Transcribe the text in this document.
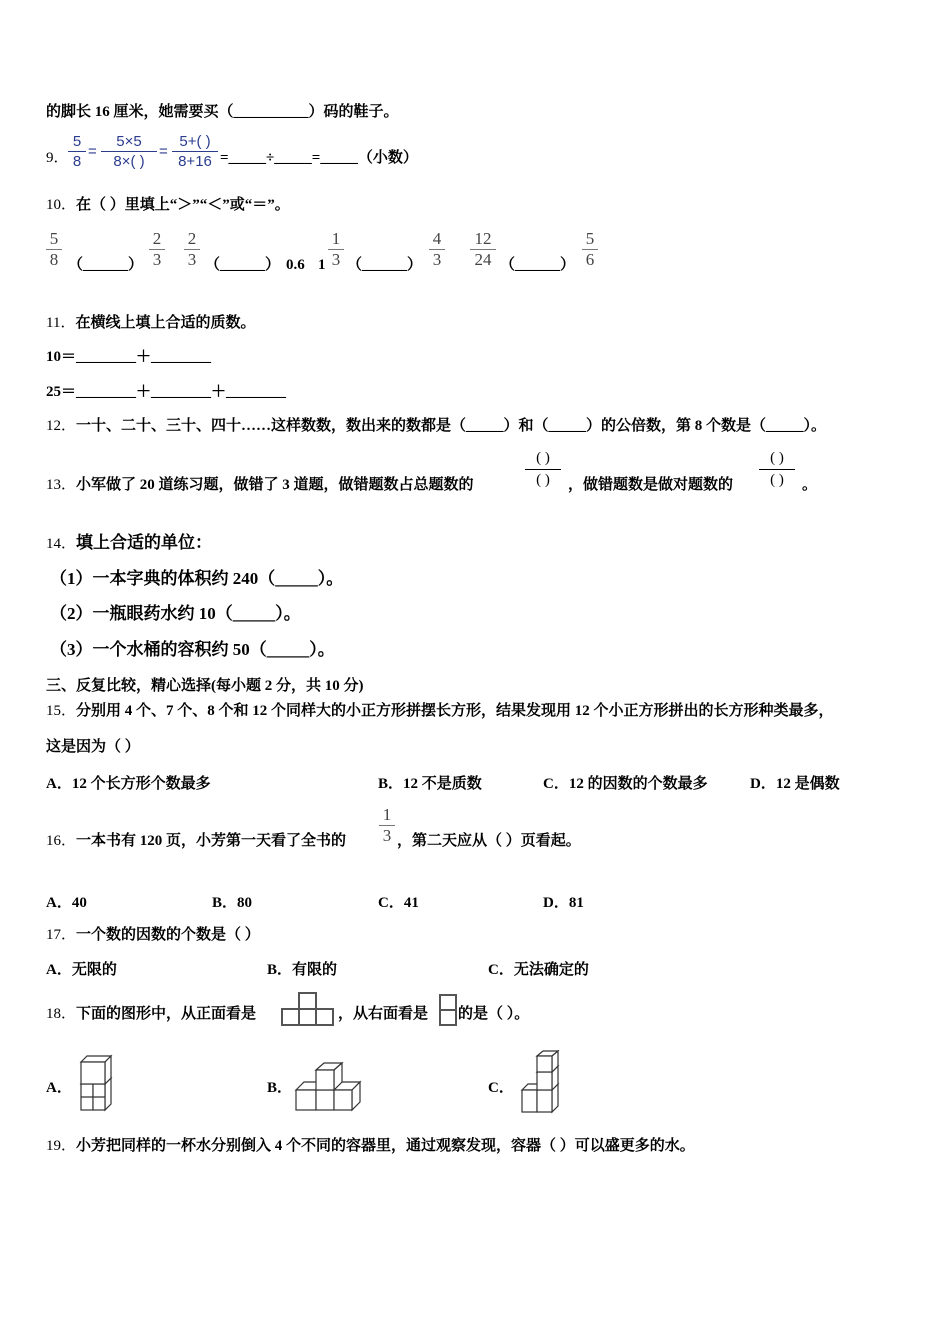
的脚长 16 厘米，她需要买（__________）码的鞋子。
9．
5
8
=
5×5
8×( )
=
5+( )
8+16 =_____÷_____=_____（小数）
10．在（ ）里填上“＞”“＜”或“＝”。
5
8 （______）
2
3
2
3 （______） 0.6 1
1
3 （______）
4
3
12
24 （______）
5
6
11．在横线上填上合适的质数。
10＝________＋________
25＝________＋________＋________
12．一十、二十、三十、四十……这样数数，数出来的数都是（_____）和（_____）的公倍数，第 8 个数是（_____）。
13．小军做了 20 道练习题，做错了 3 道题，做错题数占总题数的
( )
( )	，做错题数是做对题数的
( )
( )	。
14．填上合适的单位：
（1）一本字典的体积约 240（_____）。
（2）一瓶眼药水约 10（_____）。
（3）一个水桶的容积约 50（_____）。
三、反复比较，精心选择(每小题 2 分，共 10 分)
15．分别用 4 个、7 个、8 个和 12 个同样大的小正方形拼摆长方形，结果发现用 12 个小正方形拼出的长方形种类最多，
这是因为（ ）
A．12 个长方形个数最多	B．12 不是质数	C．12 的因数的个数最多	D．12 是偶数
16．一本书有 120 页，小芳第一天看了全书的
1
3 ，第二天应从（ ）页看起。
A．40	B．80	C．41	D．81
17．一个数的因数的个数是（ ）
A．无限的	B．有限的	C．无法确定的
18．下面的图形中，从正面看是	，从右面看是 的是（ ）。
A．	B．	C．
19．小芳把同样的一杯水分别倒入 4 个不同的容器里，通过观察发现，容器（ ）可以盛更多的水。
